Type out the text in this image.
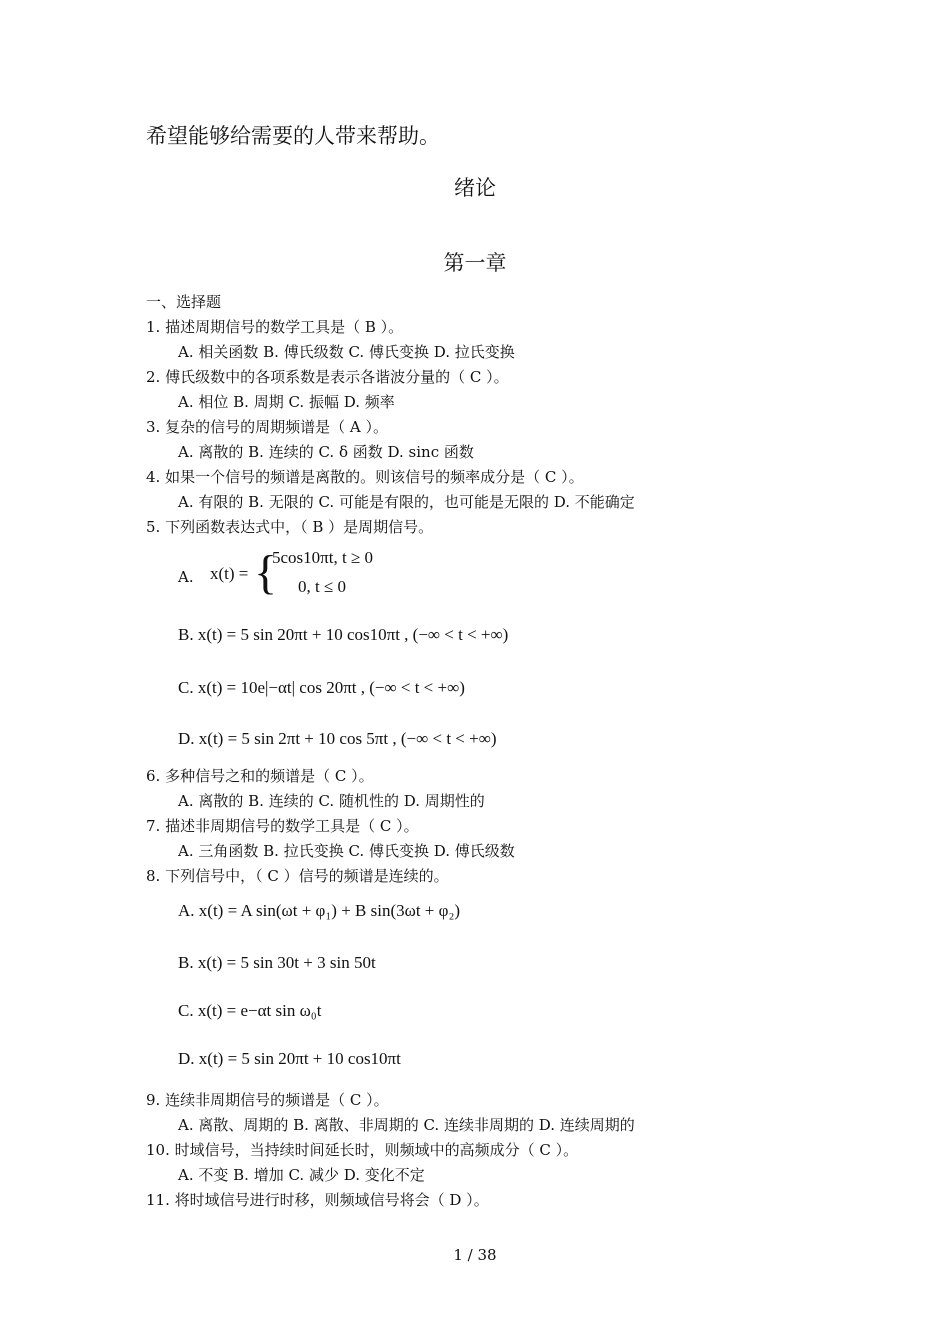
希望能够给需要的人带来帮助。
绪论
第一章
一、选择题
1. 描述周期信号的数学工具是（ B ）。
A. 相关函数 B. 傅氏级数 C. 傅氏变换 D. 拉氏变换
2. 傅氏级数中的各项系数是表示各谐波分量的（ C ）。
A. 相位 B. 周期 C. 振幅 D. 频率
3. 复杂的信号的周期频谱是（ A ）。
A. 离散的 B. 连续的 C. δ 函数 D. sinc 函数
4. 如果一个信号的频谱是离散的。则该信号的频率成分是（ C ）。
A. 有限的 B. 无限的 C. 可能是有限的，也可能是无限的 D. 不能确定
5. 下列函数表达式中，（ B ）是周期信号。
A. x(t) = {
5cos10πt, t ≥ 0
0, t ≤ 0
B. x(t) = 5 sin 20πt + 10 cos10πt , (−∞ < t < +∞)
C. x(t) = 10e|−αt| cos 20πt , (−∞ < t < +∞)
D. x(t) = 5 sin 2πt + 10 cos 5πt , (−∞ < t < +∞)
6. 多种信号之和的频谱是（ C ）。
A. 离散的 B. 连续的 C. 随机性的 D. 周期性的
7. 描述非周期信号的数学工具是（ C ）。
A. 三角函数 B. 拉氏变换 C. 傅氏变换 D. 傅氏级数
8. 下列信号中，（ C ）信号的频谱是连续的。
A. x(t) = A sin(ωt + φ₁) + B sin(3ωt + φ₂)
B. x(t) = 5 sin 30t + 3 sin 50t
C. x(t) = e−αt sin ω₀t
D. x(t) = 5 sin 20πt + 10 cos10πt
9. 连续非周期信号的频谱是（ C ）。
A. 离散、周期的 B. 离散、非周期的 C. 连续非周期的 D. 连续周期的
10. 时域信号，当持续时间延长时，则频域中的高频成分（ C ）。
A. 不变 B. 增加 C. 减少 D. 变化不定
11. 将时域信号进行时移，则频域信号将会（ D ）。
1 / 38
